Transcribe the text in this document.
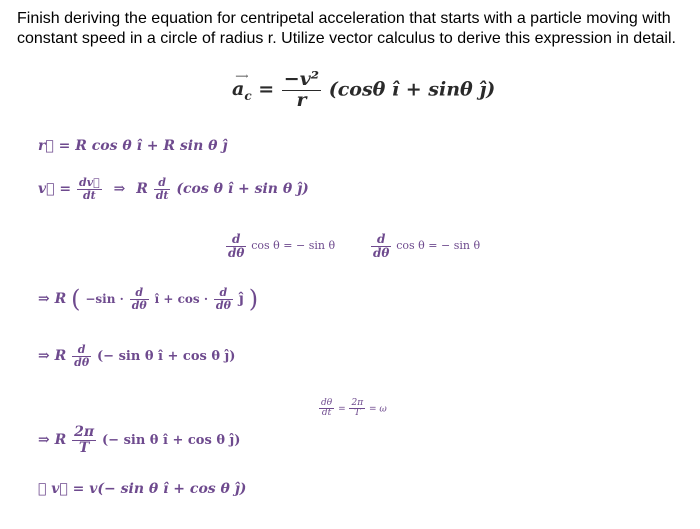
Finish deriving the equation for centripetal acceleration that starts with a particle moving with constant speed in a circle of radius r. Utilize vector calculus to derive this expression in detail.
⟶
$a_c = \frac{\text{−v²}}{r} (\cos\theta$ î + sinθ ĵ)
r⃗ = R cos θ î + R sin θ ĵ
v⃗ = $\frac{dv⃗}{dt}$ ⇒ R $\frac{d}{dt} (\cos$ θ î + sin θ ĵ)
$\frac{d}{d\theta}$ cos θ = − sin θ	$\frac{d}{d\theta}$ cos θ = − sin θ
⇒ R ( $-\sin \cdot \frac{d}{d\theta}$ î + $\cos \cdot \frac{d}{d\theta}$ ĵ )
⇒ R $\frac{d}{d\theta}$ (− sin θ î + cos θ ĵ)
$\frac{d\theta}{dt} = \frac{2\pi}{T} = \omega$
⇒ R $\frac{2\pi}{T}$ (− sin θ î + cos θ ĵ)
∴ v⃗ = v(− sin θ î + cos θ ĵ)
